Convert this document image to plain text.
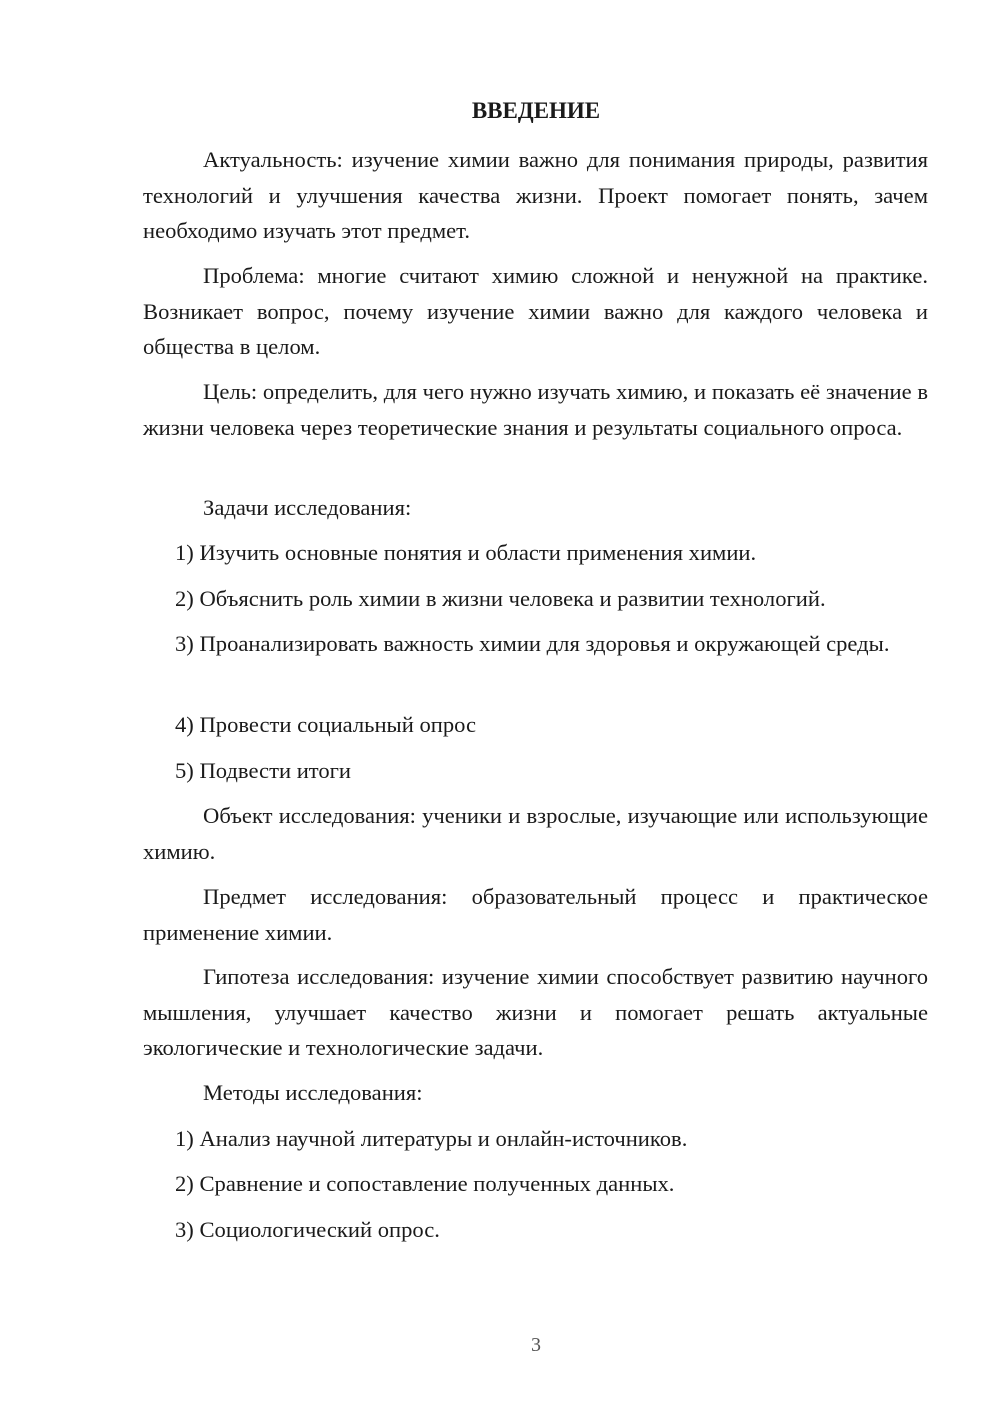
ВВЕДЕНИЕ

Актуальность: изучение химии важно для понимания природы, развития технологий и улучшения качества жизни. Проект помогает понять, зачем необходимо изучать этот предмет.

Проблема: многие считают химию сложной и ненужной на практике. Возникает вопрос, почему изучение химии важно для каждого человека и общества в целом.

Цель: определить, для чего нужно изучать химию, и показать её значение в жизни человека через теоретические знания и результаты социального опроса.

Задачи исследования:

1) Изучить основные понятия и области применения химии.

2) Объяснить роль химии в жизни человека и развитии технологий.

3) Проанализировать важность химии для здоровья и окружающей среды.

4) Провести социальный опрос

5) Подвести итоги

Объект исследования: ученики и взрослые, изучающие или использующие химию.

Предмет исследования: образовательный процесс и практическое применение химии.

Гипотеза исследования: изучение химии способствует развитию научного мышления, улучшает качество жизни и помогает решать актуальные экологические и технологические задачи.

Методы исследования:

1) Анализ научной литературы и онлайн-источников.

2) Сравнение и сопоставление полученных данных.

3) Социологический опрос.

3
